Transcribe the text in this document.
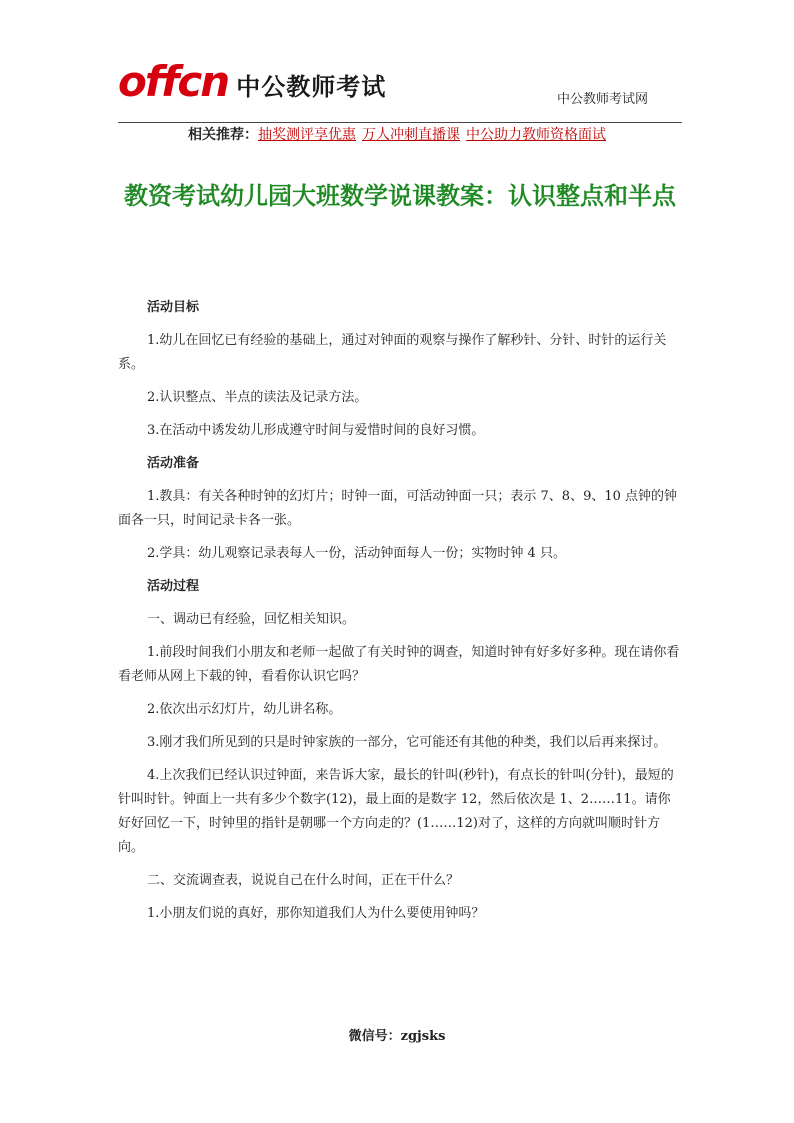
offcn 中公教师考试	中公教师考试网
相关推荐：抽奖测评享优惠 万人冲刺直播课 中公助力教师资格面试
教资考试幼儿园大班数学说课教案：认识整点和半点

活动目标

1.幼儿在回忆已有经验的基础上，通过对钟面的观察与操作了解秒针、分针、时针的运行关系。

2.认识整点、半点的读法及记录方法。

3.在活动中诱发幼儿形成遵守时间与爱惜时间的良好习惯。

活动准备

1.教具：有关各种时钟的幻灯片；时钟一面，可活动钟面一只；表示 7、8、9、10 点钟的钟面各一只，时间记录卡各一张。

2.学具：幼儿观察记录表每人一份，活动钟面每人一份；实物时钟 4 只。

活动过程

一、调动已有经验，回忆相关知识。

1.前段时间我们小朋友和老师一起做了有关时钟的调查，知道时钟有好多好多种。现在请你看看老师从网上下载的钟，看看你认识它吗？

2.依次出示幻灯片，幼儿讲名称。

3.刚才我们所见到的只是时钟家族的一部分，它可能还有其他的种类，我们以后再来探讨。

4.上次我们已经认识过钟面，来告诉大家，最长的针叫(秒针)，有点长的针叫(分针)，最短的针叫时针。钟面上一共有多少个数字(12)，最上面的是数字 12，然后依次是 1、2……11。请你好好回忆一下，时钟里的指针是朝哪一个方向走的？(1……12)对了，这样的方向就叫顺时针方向。

二、交流调查表，说说自己在什么时间，正在干什么？

1.小朋友们说的真好，那你知道我们人为什么要使用钟吗？

微信号：zgjsks
